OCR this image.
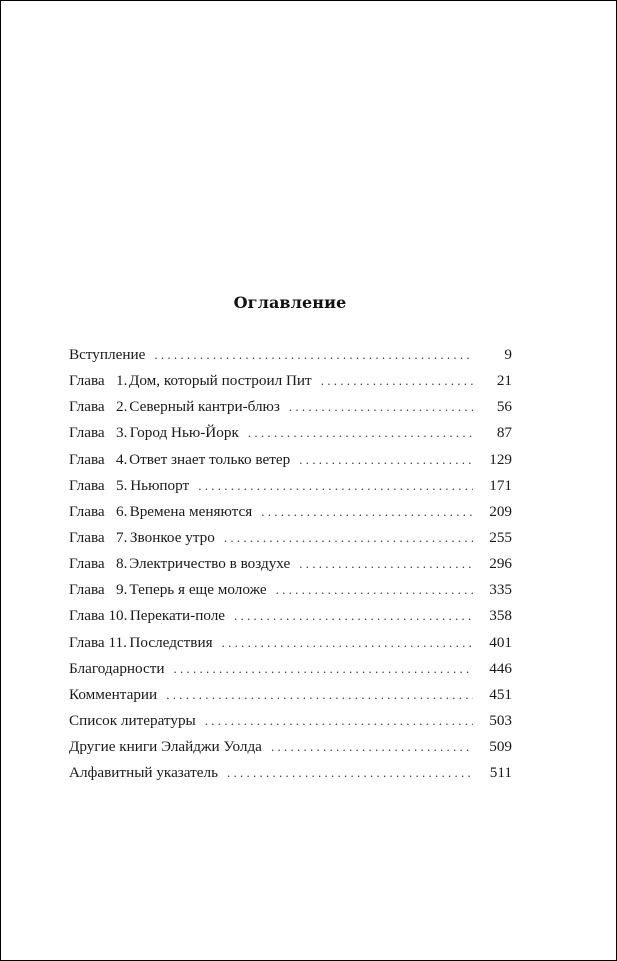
Оглавление
Вступление . . .	9
Глава   1. Дом, который построил Пит . . .	21
Глава   2. Северный кантри-блюз . . .	56
Глава   3. Город Нью-Йорк . . .	87
Глава   4. Ответ знает только ветер . . .	129
Глава   5. Ньюпорт . . .	171
Глава   6. Времена меняются . . .	209
Глава   7. Звонкое утро . . .	255
Глава   8. Электричество в воздухе . . .	296
Глава   9. Теперь я еще моложе . . .	335
Глава 10. Перекати-поле . . .	358
Глава 11. Последствия . . .	401
Благодарности . . .	446
Комментарии . . .	451
Список литературы . . .	503
Другие книги Элайджи Уолда . . .	509
Алфавитный указатель . . .	511
